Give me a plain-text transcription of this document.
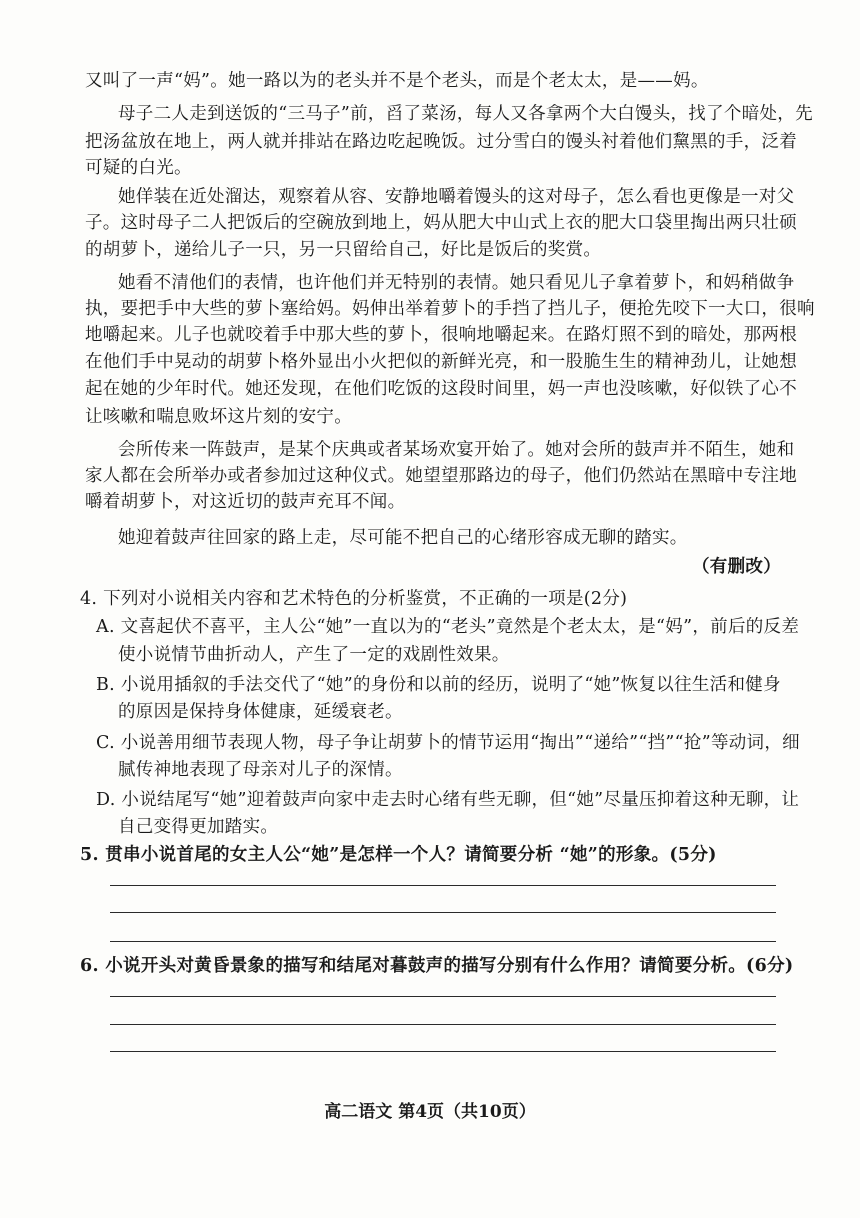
又叫了一声“妈”。她一路以为的老头并不是个老头，而是个老太太，是——妈。
母子二人走到送饭的“三马子”前，舀了菜汤，每人又各拿两个大白馒头，找了个暗处，先
把汤盆放在地上，两人就并排站在路边吃起晚饭。过分雪白的馒头衬着他们黧黑的手，泛着
可疑的白光。
她佯装在近处溜达，观察着从容、安静地嚼着馒头的这对母子，怎么看也更像是一对父
子。这时母子二人把饭后的空碗放到地上，妈从肥大中山式上衣的肥大口袋里掏出两只壮硕
的胡萝卜，递给儿子一只，另一只留给自己，好比是饭后的奖赏。
她看不清他们的表情，也许他们并无特别的表情。她只看见儿子拿着萝卜，和妈稍做争
执，要把手中大些的萝卜塞给妈。妈伸出举着萝卜的手挡了挡儿子，便抢先咬下一大口，很响
地嚼起来。儿子也就咬着手中那大些的萝卜，很响地嚼起来。在路灯照不到的暗处，那两根
在他们手中晃动的胡萝卜格外显出小火把似的新鲜光亮，和一股脆生生的精神劲儿，让她想
起在她的少年时代。她还发现，在他们吃饭的这段时间里，妈一声也没咳嗽，好似铁了心不
让咳嗽和喘息败坏这片刻的安宁。
会所传来一阵鼓声，是某个庆典或者某场欢宴开始了。她对会所的鼓声并不陌生，她和
家人都在会所举办或者参加过这种仪式。她望望那路边的母子，他们仍然站在黑暗中专注地
嚼着胡萝卜，对这近切的鼓声充耳不闻。
她迎着鼓声往回家的路上走，尽可能不把自己的心绪形容成无聊的踏实。
（有删改）
4. 下列对小说相关内容和艺术特色的分析鉴赏，不正确的一项是(2分)
A. 文喜起伏不喜平，主人公“她”一直以为的“老头”竟然是个老太太，是“妈”，前后的反差
使小说情节曲折动人，产生了一定的戏剧性效果。
B. 小说用插叙的手法交代了“她”的身份和以前的经历，说明了“她”恢复以往生活和健身
的原因是保持身体健康，延缓衰老。
C. 小说善用细节表现人物，母子争让胡萝卜的情节运用“掏出”“递给”“挡”“抢”等动词，细
腻传神地表现了母亲对儿子的深情。
D. 小说结尾写“她”迎着鼓声向家中走去时心绪有些无聊，但“她”尽量压抑着这种无聊，让
自己变得更加踏实。
5. 贯串小说首尾的女主人公“她”是怎样一个人？请简要分析 “她”的形象。(5分)
6. 小说开头对黄昏景象的描写和结尾对暮鼓声的描写分别有什么作用？请简要分析。(6分)
高二语文 第4页（共10页）
